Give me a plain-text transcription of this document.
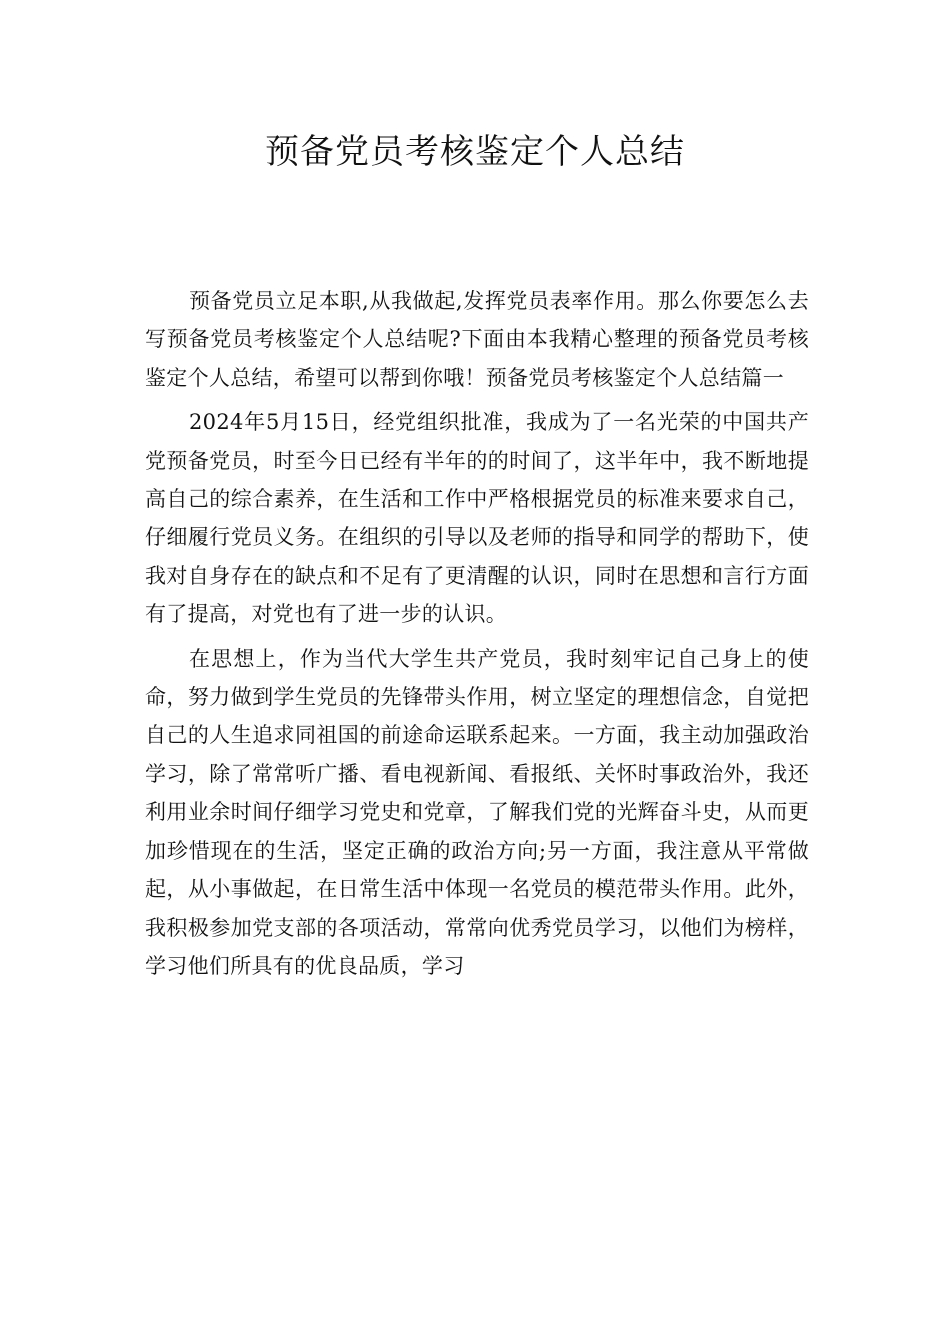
预备党员考核鉴定个人总结

预备党员立足本职,从我做起,发挥党员表率作用。那么你要怎么去写预备党员考核鉴定个人总结呢?下面由本我精心整理的预备党员考核鉴定个人总结，希望可以帮到你哦！预备党员考核鉴定个人总结篇一

2024年5月15日，经党组织批准，我成为了一名光荣的中国共产党预备党员，时至今日已经有半年的的时间了，这半年中，我不断地提高自己的综合素养，在生活和工作中严格根据党员的标准来要求自己，仔细履行党员义务。在组织的引导以及老师的指导和同学的帮助下，使我对自身存在的缺点和不足有了更清醒的认识，同时在思想和言行方面有了提高，对党也有了进一步的认识。

在思想上，作为当代大学生共产党员，我时刻牢记自己身上的使命，努力做到学生党员的先锋带头作用，树立坚定的理想信念，自觉把自己的人生追求同祖国的前途命运联系起来。一方面，我主动加强政治学习，除了常常听广播、看电视新闻、看报纸、关怀时事政治外，我还利用业余时间仔细学习党史和党章，了解我们党的光辉奋斗史，从而更加珍惜现在的生活，坚定正确的政治方向;另一方面，我注意从平常做起，从小事做起，在日常生活中体现一名党员的模范带头作用。此外，我积极参加党支部的各项活动，常常向优秀党员学习，以他们为榜样，学习他们所具有的优良品质，学习
